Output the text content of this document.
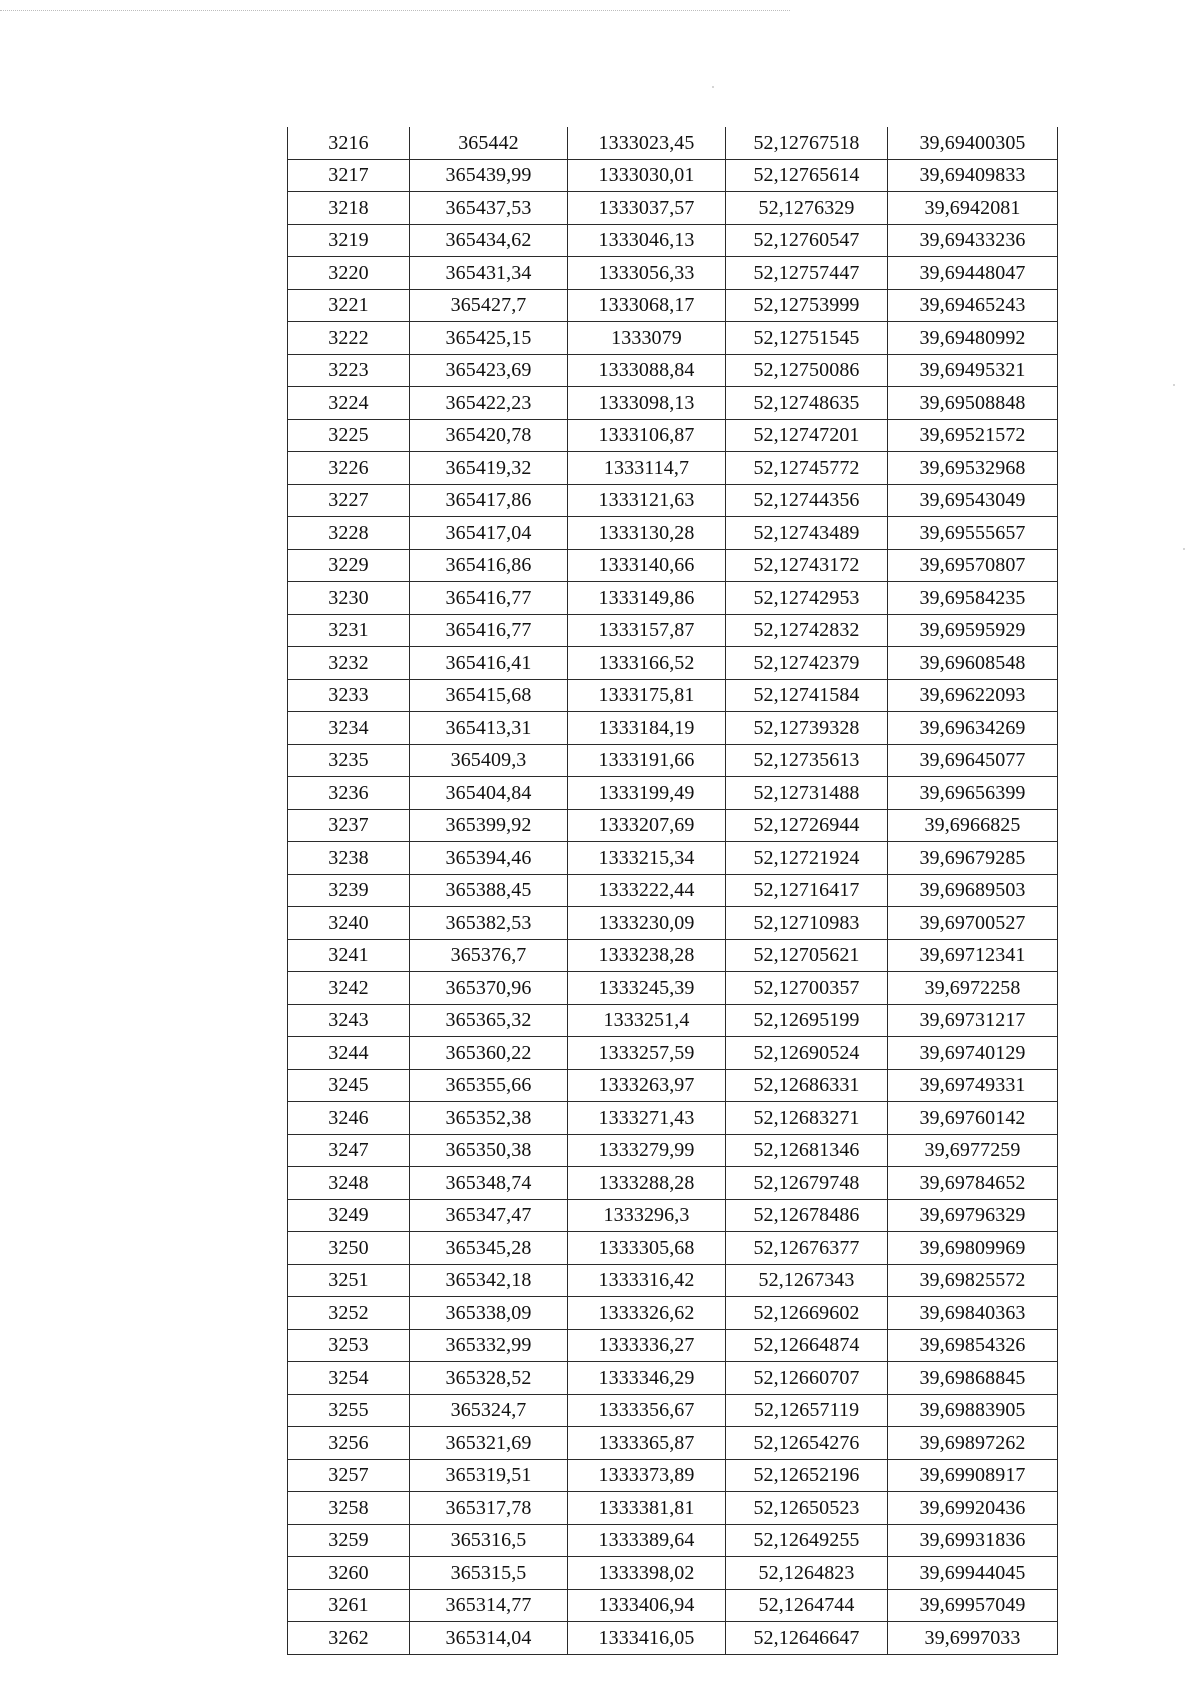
3216	365442	1333023,45	52,12767518	39,69400305
3217	365439,99	1333030,01	52,12765614	39,69409833
3218	365437,53	1333037,57	52,1276329	39,6942081
3219	365434,62	1333046,13	52,12760547	39,69433236
3220	365431,34	1333056,33	52,12757447	39,69448047
3221	365427,7	1333068,17	52,12753999	39,69465243
3222	365425,15	1333079	52,12751545	39,69480992
3223	365423,69	1333088,84	52,12750086	39,69495321
3224	365422,23	1333098,13	52,12748635	39,69508848
3225	365420,78	1333106,87	52,12747201	39,69521572
3226	365419,32	1333114,7	52,12745772	39,69532968
3227	365417,86	1333121,63	52,12744356	39,69543049
3228	365417,04	1333130,28	52,12743489	39,69555657
3229	365416,86	1333140,66	52,12743172	39,69570807
3230	365416,77	1333149,86	52,12742953	39,69584235
3231	365416,77	1333157,87	52,12742832	39,69595929
3232	365416,41	1333166,52	52,12742379	39,69608548
3233	365415,68	1333175,81	52,12741584	39,69622093
3234	365413,31	1333184,19	52,12739328	39,69634269
3235	365409,3	1333191,66	52,12735613	39,69645077
3236	365404,84	1333199,49	52,12731488	39,69656399
3237	365399,92	1333207,69	52,12726944	39,6966825
3238	365394,46	1333215,34	52,12721924	39,69679285
3239	365388,45	1333222,44	52,12716417	39,69689503
3240	365382,53	1333230,09	52,12710983	39,69700527
3241	365376,7	1333238,28	52,12705621	39,69712341
3242	365370,96	1333245,39	52,12700357	39,6972258
3243	365365,32	1333251,4	52,12695199	39,69731217
3244	365360,22	1333257,59	52,12690524	39,69740129
3245	365355,66	1333263,97	52,12686331	39,69749331
3246	365352,38	1333271,43	52,12683271	39,69760142
3247	365350,38	1333279,99	52,12681346	39,6977259
3248	365348,74	1333288,28	52,12679748	39,69784652
3249	365347,47	1333296,3	52,12678486	39,69796329
3250	365345,28	1333305,68	52,12676377	39,69809969
3251	365342,18	1333316,42	52,1267343	39,69825572
3252	365338,09	1333326,62	52,12669602	39,69840363
3253	365332,99	1333336,27	52,12664874	39,69854326
3254	365328,52	1333346,29	52,12660707	39,69868845
3255	365324,7	1333356,67	52,12657119	39,69883905
3256	365321,69	1333365,87	52,12654276	39,69897262
3257	365319,51	1333373,89	52,12652196	39,69908917
3258	365317,78	1333381,81	52,12650523	39,69920436
3259	365316,5	1333389,64	52,12649255	39,69931836
3260	365315,5	1333398,02	52,1264823	39,69944045
3261	365314,77	1333406,94	52,1264744	39,69957049
3262	365314,04	1333416,05	52,12646647	39,6997033
